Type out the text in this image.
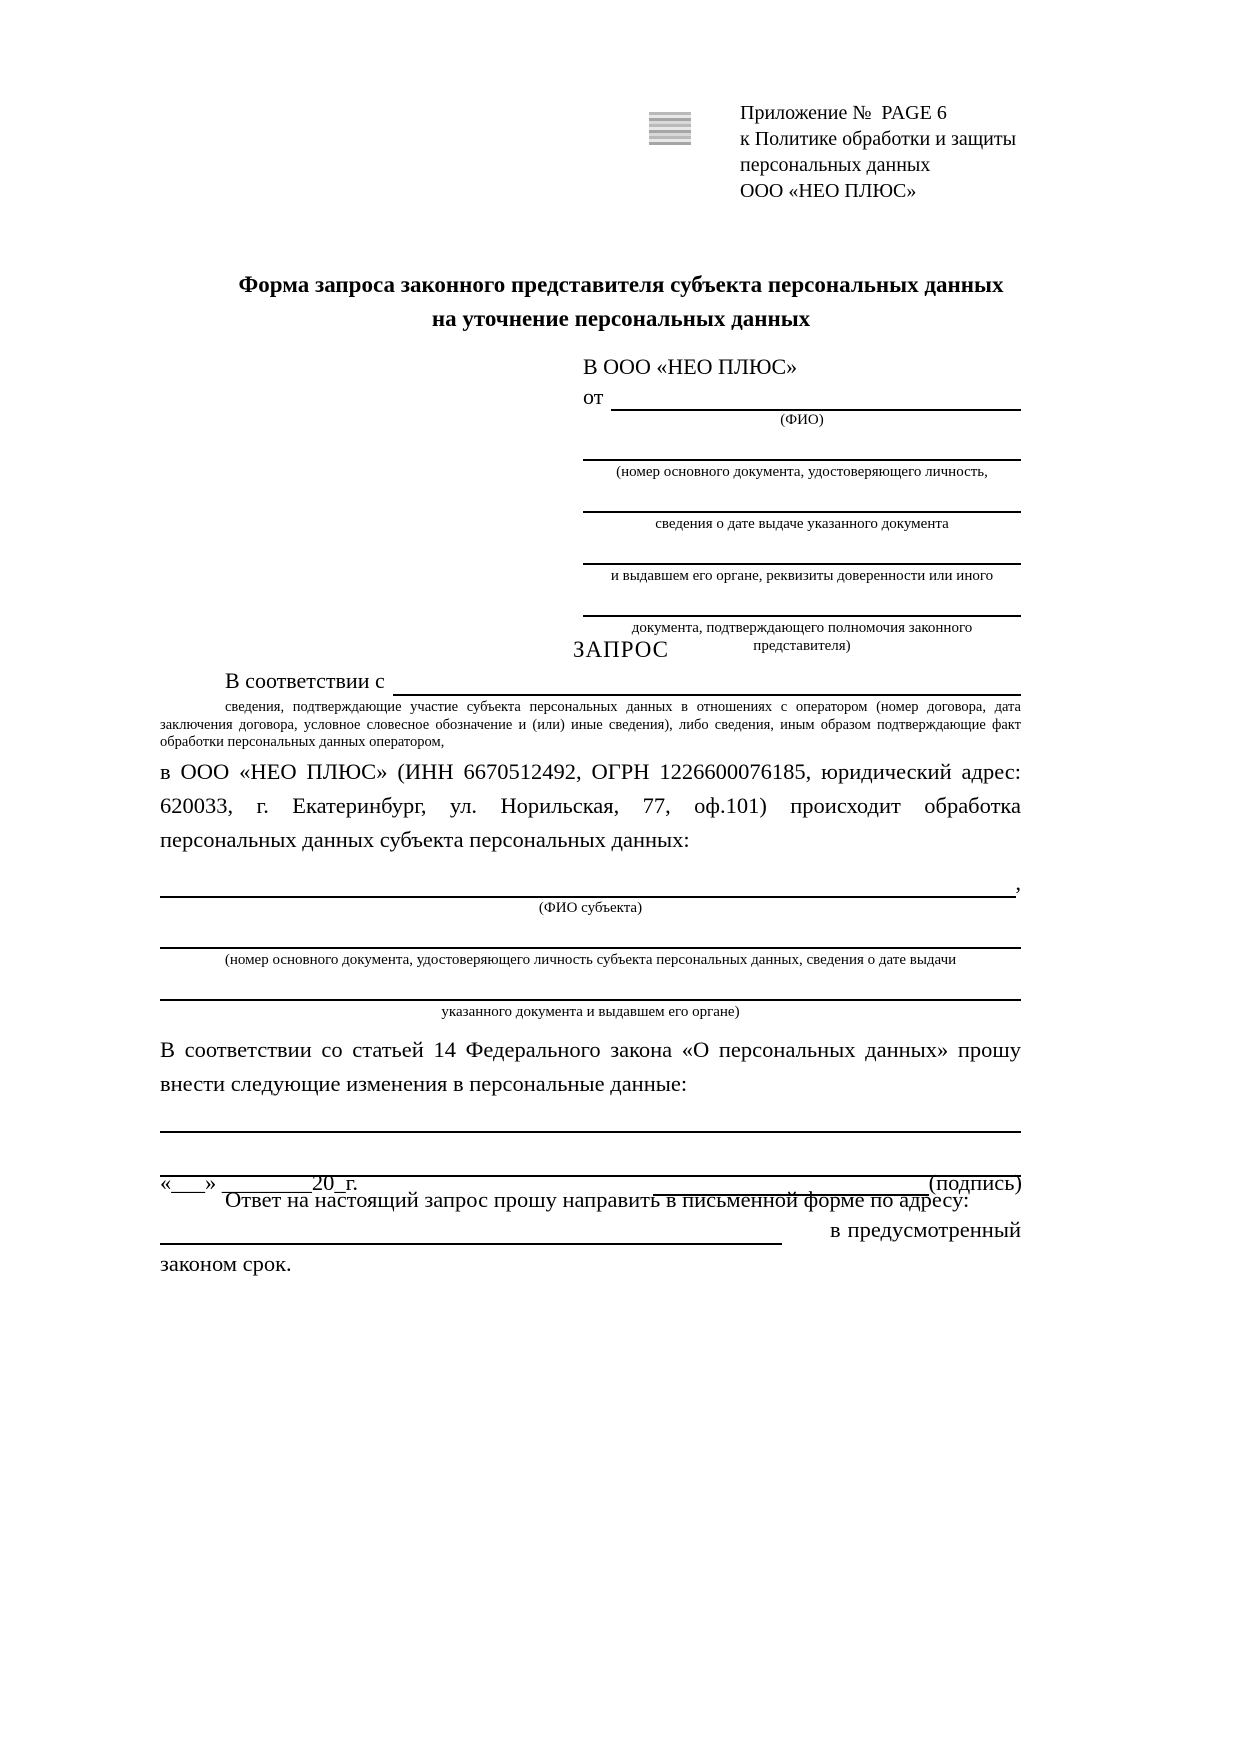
Приложение №  PAGE 6
к Политике обработки и защиты
персональных данных
ООО «НЕО ПЛЮС»
Форма запроса законного представителя субъекта персональных данных
на уточнение персональных данных
В ООО «НЕО ПЛЮС»
от
(ФИО)
(номер основного документа, удостоверяющего личность,
сведения о дате выдаче указанного документа
и выдавшем его органе, реквизиты доверенности или иного
документа, подтверждающего полномочия законного представителя)
ЗАПРОС
В соответствии с

сведения, подтверждающие участие субъекта персональных данных в отношениях с оператором (номер договора, дата заключения договора, условное словесное обозначение и (или) иные сведения), либо сведения, иным образом подтверждающие факт обработки персональных данных оператором,

в ООО «НЕО ПЛЮС» (ИНН 6670512492, ОГРН 1226600076185, юридический адрес: 620033, г. Екатеринбург, ул. Норильская, 77, оф.101) происходит обработка персональных данных субъекта персональных данных:

,
(ФИО субъекта)
(номер основного документа, удостоверяющего личность субъекта персональных данных, сведения о дате выдачи
указанного документа и выдавшем его органе)

В соответствии со статьей 14 Федерального закона «О персональных данных» прошу внести следующие изменения в персональные данные:

Ответ на настоящий запрос прошу направить в письменной форме по адресу:

в предусмотренный
законом срок.
«___» ________20_г.	(подпись)
